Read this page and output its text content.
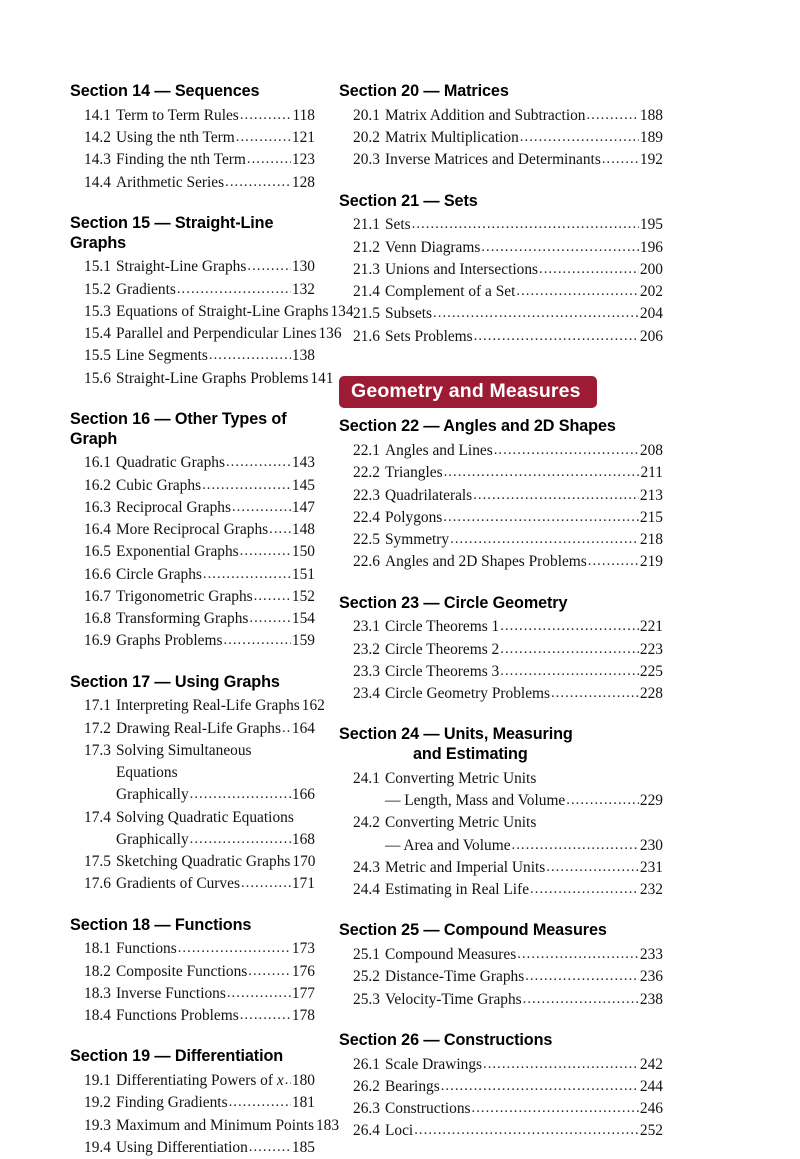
Section 14 — Sequences
14.1 Term to Term Rules .....	118
14.2 Using the nth Term .....	121
14.3 Finding the nth Term .....	123
14.4 Arithmetic Series .....	128
Section 15 — Straight-Line Graphs
15.1 Straight-Line Graphs .....	130
15.2 Gradients .....	132
15.3 Equations of Straight-Line Graphs 134
15.4 Parallel and Perpendicular Lines 136
15.5 Line Segments .....	138
15.6 Straight-Line Graphs Problems 141
Section 16 — Other Types of Graph
16.1 Quadratic Graphs .....	143
16.2 Cubic Graphs .....	145
16.3 Reciprocal Graphs .....	147
16.4 More Reciprocal Graphs ..... 148
16.5 Exponential Graphs .....	150
16.6 Circle Graphs .....	151
16.7 Trigonometric Graphs .....	152
16.8 Transforming Graphs .....	154
16.9 Graphs Problems .....	159
Section 17 — Using Graphs
17.1 Interpreting Real-Life Graphs 162
17.2 Drawing Real-Life Graphs ..... 164
17.3 Solving Simultaneous Equations
Graphically .....	166
17.4 Solving Quadratic Equations
Graphically .....	168
17.5 Sketching Quadratic Graphs 170
17.6 Gradients of Curves .....	171
Section 18 — Functions
18.1 Functions .....	173
18.2 Composite Functions .....	176
18.3 Inverse Functions .....	177
18.4 Functions Problems .....	178
Section 19 — Differentiation
19.1 Differentiating Powers of x ..... 180
19.2 Finding Gradients .....	181
19.3 Maximum and Minimum Points 183
19.4 Using Differentiation .....	185
Section 20 — Matrices
20.1 Matrix Addition and Subtraction .....	188
20.2 Matrix Multiplication .....	189
20.3 Inverse Matrices and Determinants .....	192
Section 21 — Sets
21.1 Sets .....	195
21.2 Venn Diagrams .....	196
21.3 Unions and Intersections .....	200
21.4 Complement of a Set .....	202
21.5 Subsets .....	204
21.6 Sets Problems .....	206
Geometry and Measures
Section 22 — Angles and 2D Shapes
22.1 Angles and Lines .....	208
22.2 Triangles .....	211
22.3 Quadrilaterals .....	213
22.4 Polygons .....	215
22.5 Symmetry .....	218
22.6 Angles and 2D Shapes Problems .....	219
Section 23 — Circle Geometry
23.1 Circle Theorems 1 .....	221
23.2 Circle Theorems 2 .....	223
23.3 Circle Theorems 3 .....	225
23.4 Circle Geometry Problems .....	228
Section 24 — Units, Measuring
and Estimating
24.1 Converting Metric Units
— Length, Mass and Volume .....	229
24.2 Converting Metric Units
— Area and Volume .....	230
24.3 Metric and Imperial Units .....	231
24.4 Estimating in Real Life .....	232
Section 25 — Compound Measures
25.1 Compound Measures .....	233
25.2 Distance-Time Graphs .....	236
25.3 Velocity-Time Graphs .....	238
Section 26 — Constructions
26.1 Scale Drawings .....	242
26.2 Bearings .....	244
26.3 Constructions .....	246
26.4 Loci .....	252
